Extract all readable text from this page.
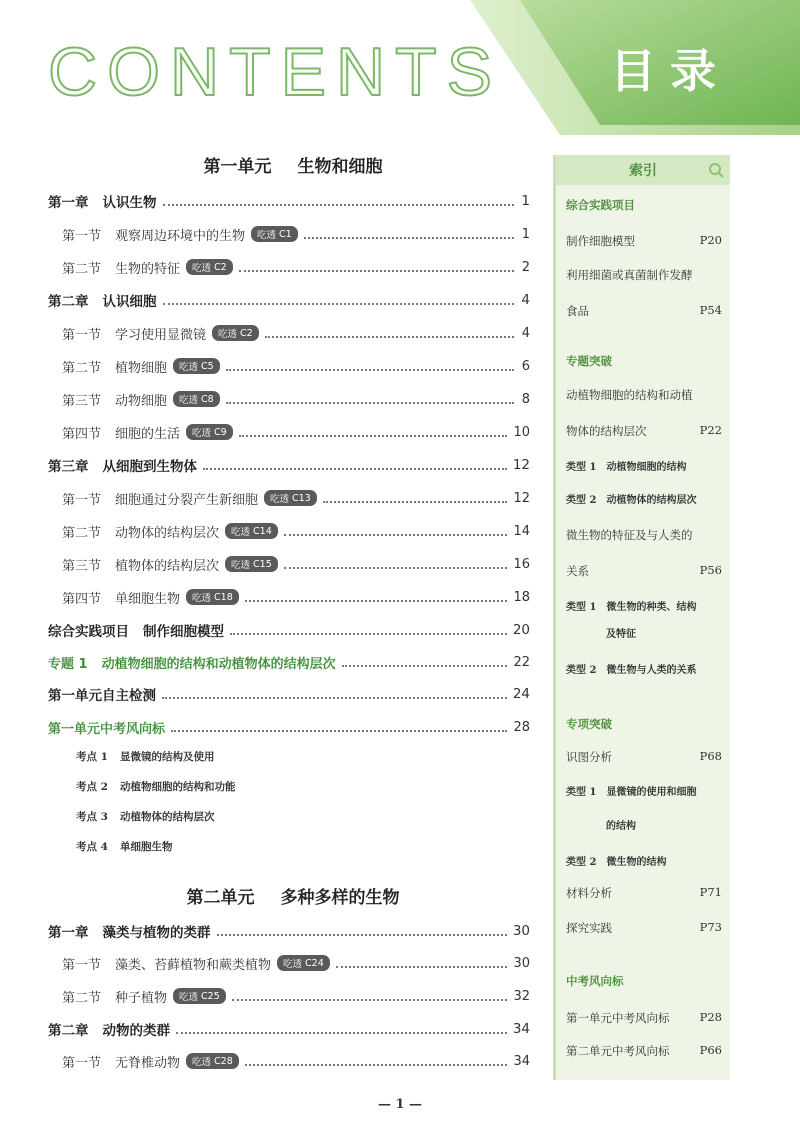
CONTENTS 目录
第一单元 生物和细胞
第二单元 多种多样的生物
第一章 认识生物	1
第一节 观察周边环境中的生物 吃透 C1	1
第二节 生物的特征 吃透 C2	2
第二章 认识细胞	4
第一节 学习使用显微镜 吃透 C2	4
第二节 植物细胞 吃透 C5	6
第三节 动物细胞 吃透 C8	8
第四节 细胞的生活 吃透 C9	10
第三章 从细胞到生物体	12
第一节 细胞通过分裂产生新细胞 吃透 C13	12
第二节 动物体的结构层次 吃透 C14	14
第三节 植物体的结构层次 吃透 C15	16
第四节 单细胞生物 吃透 C18	18
综合实践项目 制作细胞模型	20
专题 1 动植物细胞的结构和动植物体的结构层次	22
第一单元自主检测	24
第一单元中考风向标	28
考点 1 显微镜的结构及使用
考点 2 动植物细胞的结构和功能
考点 3 动植物体的结构层次
考点 4 单细胞生物
第一章 藻类与植物的类群	30
第一节 藻类、苔藓植物和蕨类植物 吃透 C24	30
第二节 种子植物 吃透 C25	32
第二章 动物的类群	34
第一节 无脊椎动物 吃透 C28	34
索引
综合实践项目
制作细胞模型	P20
利用细菌或真菌制作发酵
食品	P54
专题突破
动植物细胞的结构和动植
物体的结构层次	P22
类型 1　动植物细胞的结构
类型 2　动植物体的结构层次
微生物的特征及与人类的
关系	P56
类型 1　微生物的种类、结构
　　　　及特征
类型 2　微生物与人类的关系
专项突破
识图分析	P68
类型 1　显微镜的使用和细胞
　　　　的结构
类型 2　微生物的结构
材料分析	P71
探究实践	P73
中考风向标
第一单元中考风向标	P28
第二单元中考风向标	P66
— 1 —
